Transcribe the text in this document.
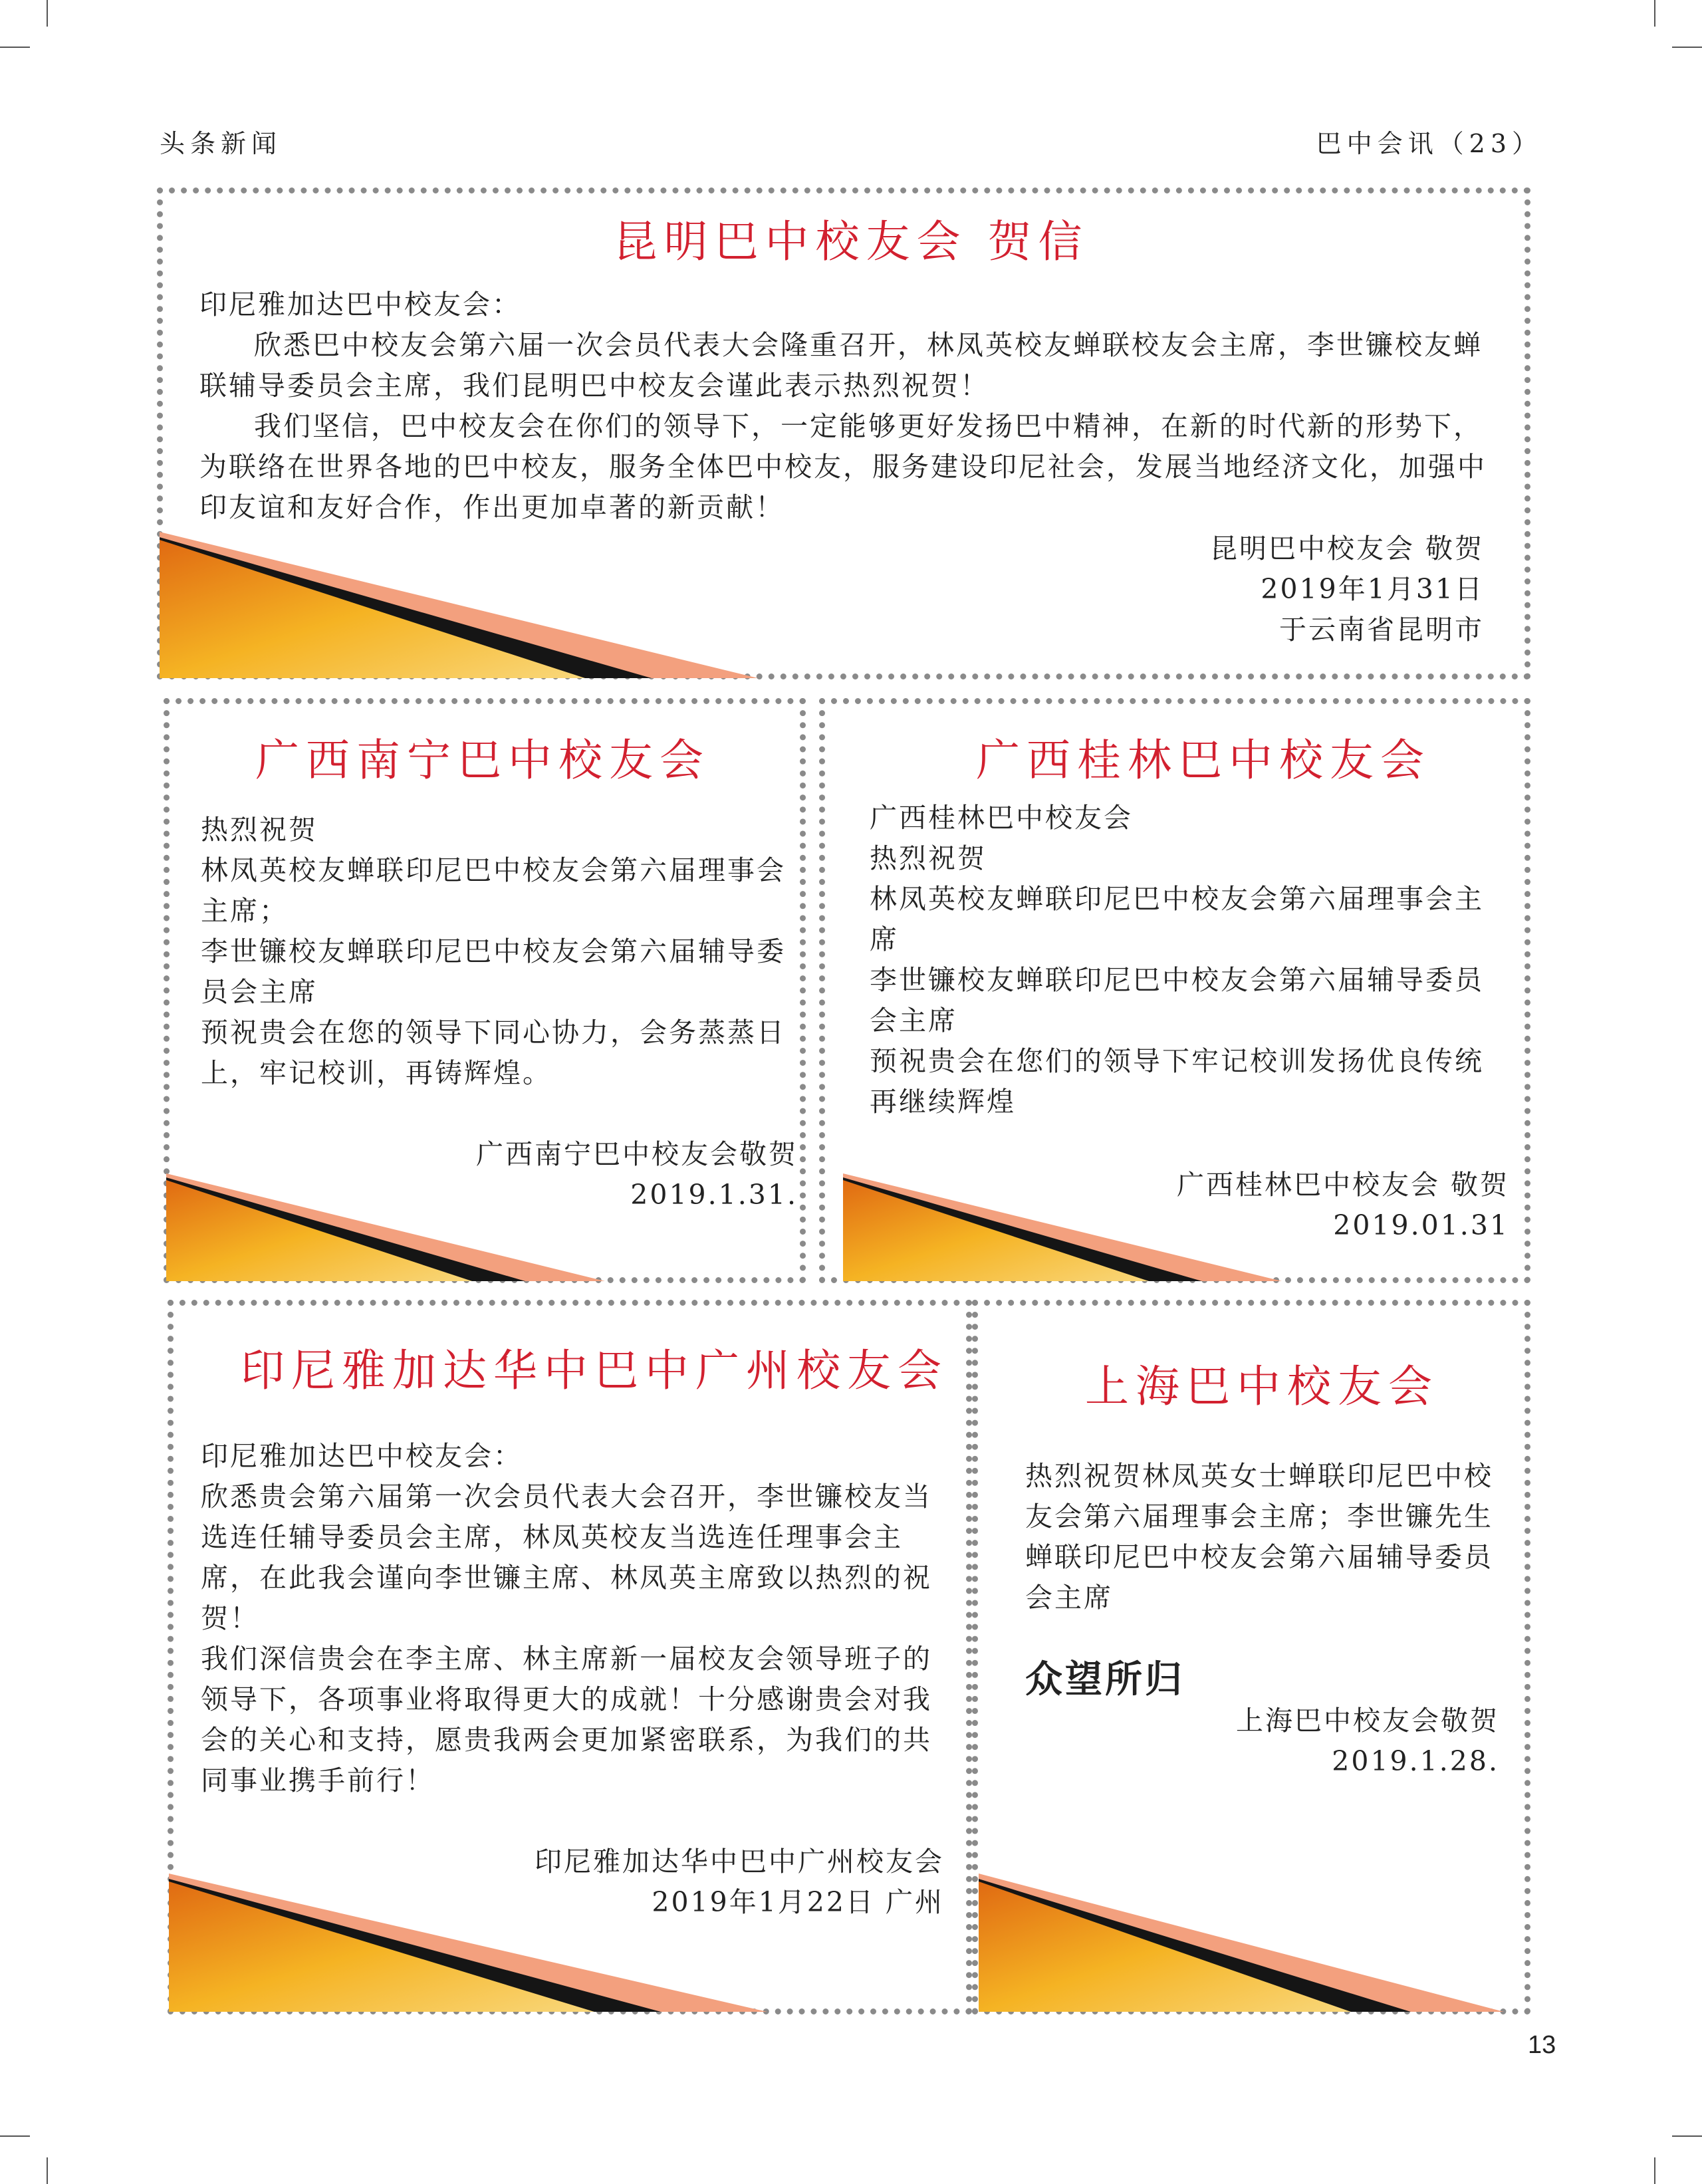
头条新闻	巴中会讯（23）
昆明巴中校友会 贺信

印尼雅加达巴中校友会：

欣悉巴中校友会第六届一次会员代表大会隆重召开，林凤英校友蝉联校友会主席，李世镰校友蝉联辅导委员会主席，我们昆明巴中校友会谨此表示热烈祝贺！

我们坚信，巴中校友会在你们的领导下，一定能够更好发扬巴中精神，在新的时代新的形势下，为联络在世界各地的巴中校友，服务全体巴中校友，服务建设印尼社会，发展当地经济文化，加强中印友谊和友好合作，作出更加卓著的新贡献！

昆明巴中校友会 敬贺
2019年1月31日
于云南省昆明市
广西南宁巴中校友会

热烈祝贺

林凤英校友蝉联印尼巴中校友会第六届理事会主席；

李世镰校友蝉联印尼巴中校友会第六届辅导委员会主席

预祝贵会在您的领导下同心协力，会务蒸蒸日上，牢记校训，再铸辉煌。

广西南宁巴中校友会敬贺
2019.1.31.
广西桂林巴中校友会

广西桂林巴中校友会

热烈祝贺

林凤英校友蝉联印尼巴中校友会第六届理事会主席

李世镰校友蝉联印尼巴中校友会第六届辅导委员会主席

预祝贵会在您们的领导下牢记校训发扬优良传统再继续辉煌

广西桂林巴中校友会 敬贺
2019.01.31
印尼雅加达华中巴中广州校友会

印尼雅加达巴中校友会：

欣悉贵会第六届第一次会员代表大会召开，李世镰校友当选连任辅导委员会主席，林凤英校友当选连任理事会主席，在此我会谨向李世镰主席、林凤英主席致以热烈的祝贺！

我们深信贵会在李主席、林主席新一届校友会领导班子的领导下，各项事业将取得更大的成就！十分感谢贵会对我会的关心和支持，愿贵我两会更加紧密联系，为我们的共同事业携手前行！

印尼雅加达华中巴中广州校友会
2019年1月22日 广州
上海巴中校友会
热烈祝贺林凤英女士蝉联印尼巴中校友会第六届理事会主席；李世镰先生蝉联印尼巴中校友会第六届辅导委员会主席
众望所归
上海巴中校友会敬贺
2019.1.28.
13
